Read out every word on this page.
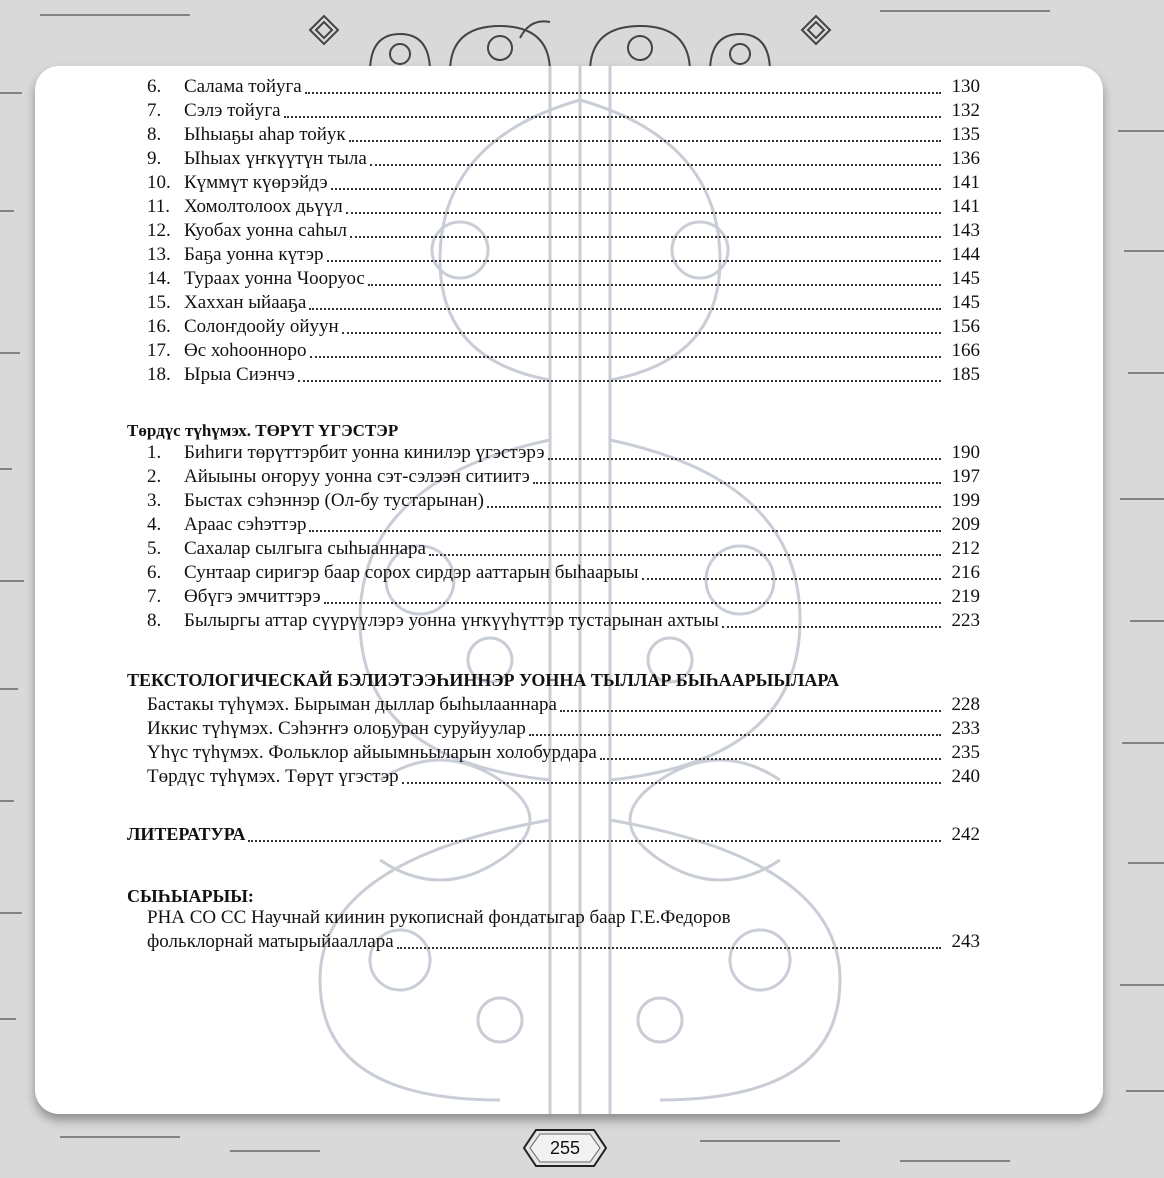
6.	Салама тойуга	130
7.	Сэлэ тойуга	132
8.	Ыһыаҕы аһар тойук	135
9.	Ыһыах үҥкүүтүн тыла	136
10. Күммүт күөрэйдэ	141
11. Хомолтолоох дьүүл	141
12. Куобах уонна саһыл	143
13. Баҕа уонна күтэр	144
14. Тураах уонна Чооруос	145
15. Хаххан ыйааҕа	145
16. Солоҥдоойу ойуун	156
17. Өс хоһоонноро	166
18. Ырыа Сиэнчэ	185
Төрдүс түһүмэх. ТӨРҮТ ҮГЭСТЭР
1.	Биһиги төрүттэрбит уонна кинилэр үгэстэрэ	190
2.	Айыыны оҥоруу уонна сэт-сэлээн ситиитэ	197
3.	Быстах сэһэннэр (Ол-бу тустарынан)	199
4.	Араас сэһэттэр	209
5.	Сахалар сылгыга сыһыаннара	212
6.	Сунтаар сиригэр баар сорох сирдэр ааттарын быһаарыы	216
7.	Өбүгэ эмчиттэрэ	219
8.	Былыргы аттар сүүрүүлэрэ уонна үҥкүүһүттэр тустарынан ахтыы	223
ТЕКСТОЛОГИЧЕСКАЙ БЭЛИЭТЭЭҺИННЭР УОННА ТЫЛЛАР БЫҺААРЫЫЛАРА
Бастакы түһүмэх. Бырыман дыллар быһылааннара	228
Иккис түһүмэх. Сэһэҥҥэ олоҕуран суруйуулар	233
Үһүс түһүмэх. Фольклор айыымньыларын холобурдара	235
Төрдүс түһүмэх. Төрүт үгэстэр	240
ЛИТЕРАТУРА	242
СЫҺЫАРЫЫ:
РНА СО СС Научнай киинин рукописнай фондатыгар баар Г.Е.Федоров
фольклорнай матырыйааллара	243
255
